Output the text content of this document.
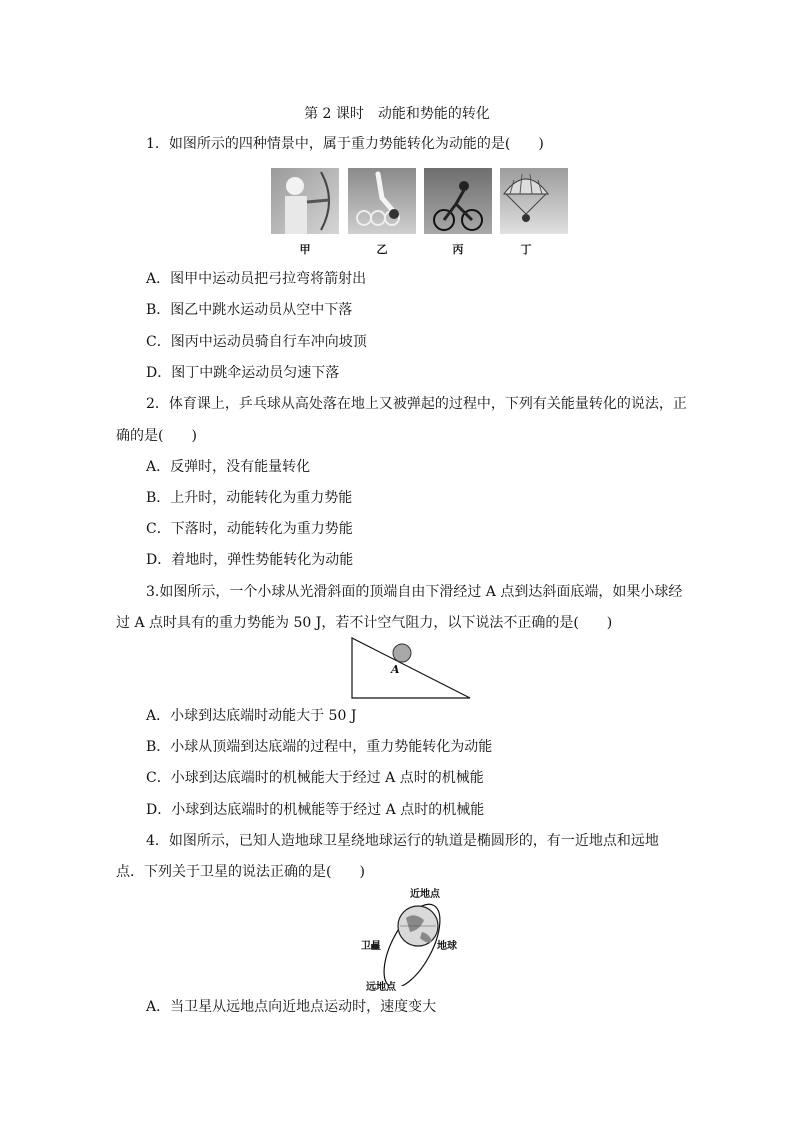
第 2 课时　动能和势能的转化
1．如图所示的四种情景中，属于重力势能转化为动能的是(　　)
甲	乙	丙	丁
A．图甲中运动员把弓拉弯将箭射出
B．图乙中跳水运动员从空中下落
C．图丙中运动员骑自行车冲向坡顶
D．图丁中跳伞运动员匀速下落
2．体育课上，乒乓球从高处落在地上又被弹起的过程中，下列有关能量转化的说法，正
确的是(　　)
A．反弹时，没有能量转化
B．上升时，动能转化为重力势能
C．下落时，动能转化为重力势能
D．着地时，弹性势能转化为动能
3.如图所示，一个小球从光滑斜面的顶端自由下滑经过 A 点到达斜面底端，如果小球经
过 A 点时具有的重力势能为 50 J，若不计空气阻力，以下说法不正确的是(　　)
A
A．小球到达底端时动能大于 50 J
B．小球从顶端到达底端的过程中，重力势能转化为动能
C．小球到达底端时的机械能大于经过 A 点时的机械能
D．小球到达底端时的机械能等于经过 A 点时的机械能
4．如图所示，已知人造地球卫星绕地球运行的轨道是椭圆形的，有一近地点和远地
点．下列关于卫星的说法正确的是(　　)
近地点
卫星	地球
远地点
A．当卫星从远地点向近地点运动时，速度变大
